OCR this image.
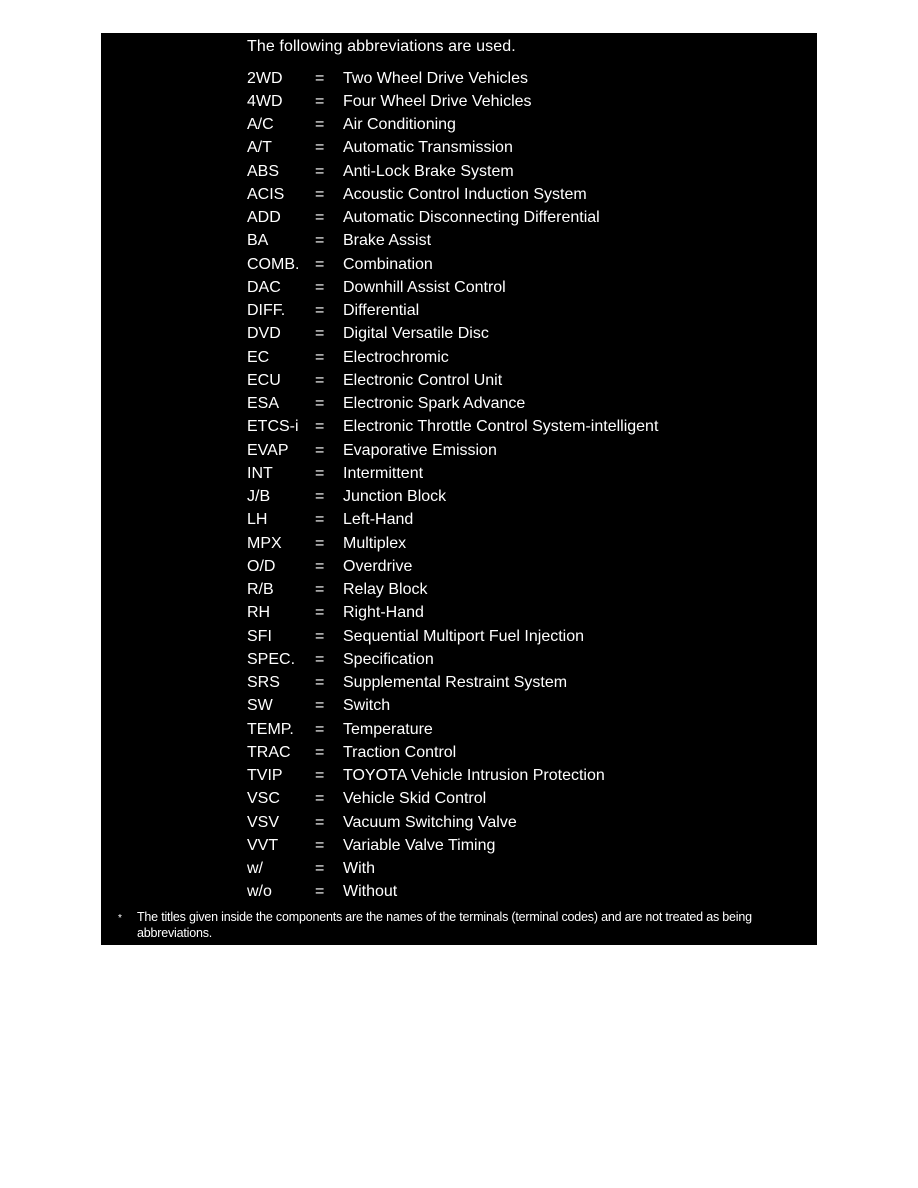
The following abbreviations are used.
2WD	=	Two Wheel Drive Vehicles
4WD	=	Four Wheel Drive Vehicles
A/C	=	Air Conditioning
A/T	=	Automatic Transmission
ABS	=	Anti-Lock Brake System
ACIS	=	Acoustic Control Induction System
ADD	=	Automatic Disconnecting Differential
BA	=	Brake Assist
COMB. =	Combination
DAC	=	Downhill Assist Control
DIFF.	=	Differential
DVD	=	Digital Versatile Disc
EC	=	Electrochromic
ECU	=	Electronic Control Unit
ESA	=	Electronic Spark Advance
ETCS-i	=	Electronic Throttle Control System-intelligent
EVAP	=	Evaporative Emission
INT	=	Intermittent
J/B	=	Junction Block
LH	=	Left-Hand
MPX	=	Multiplex
O/D	=	Overdrive
R/B	=	Relay Block
RH	=	Right-Hand
SFI	=	Sequential Multiport Fuel Injection
SPEC.	=	Specification
SRS	=	Supplemental Restraint System
SW	=	Switch
TEMP.	=	Temperature
TRAC	=	Traction Control
TVIP	=	TOYOTA Vehicle Intrusion Protection
VSC	=	Vehicle Skid Control
VSV	=	Vacuum Switching Valve
VVT	=	Variable Valve Timing
w/	=	With
w/o	=	Without
* The titles given inside the components are the names of the terminals (terminal codes) and are not treated as being abbreviations.
